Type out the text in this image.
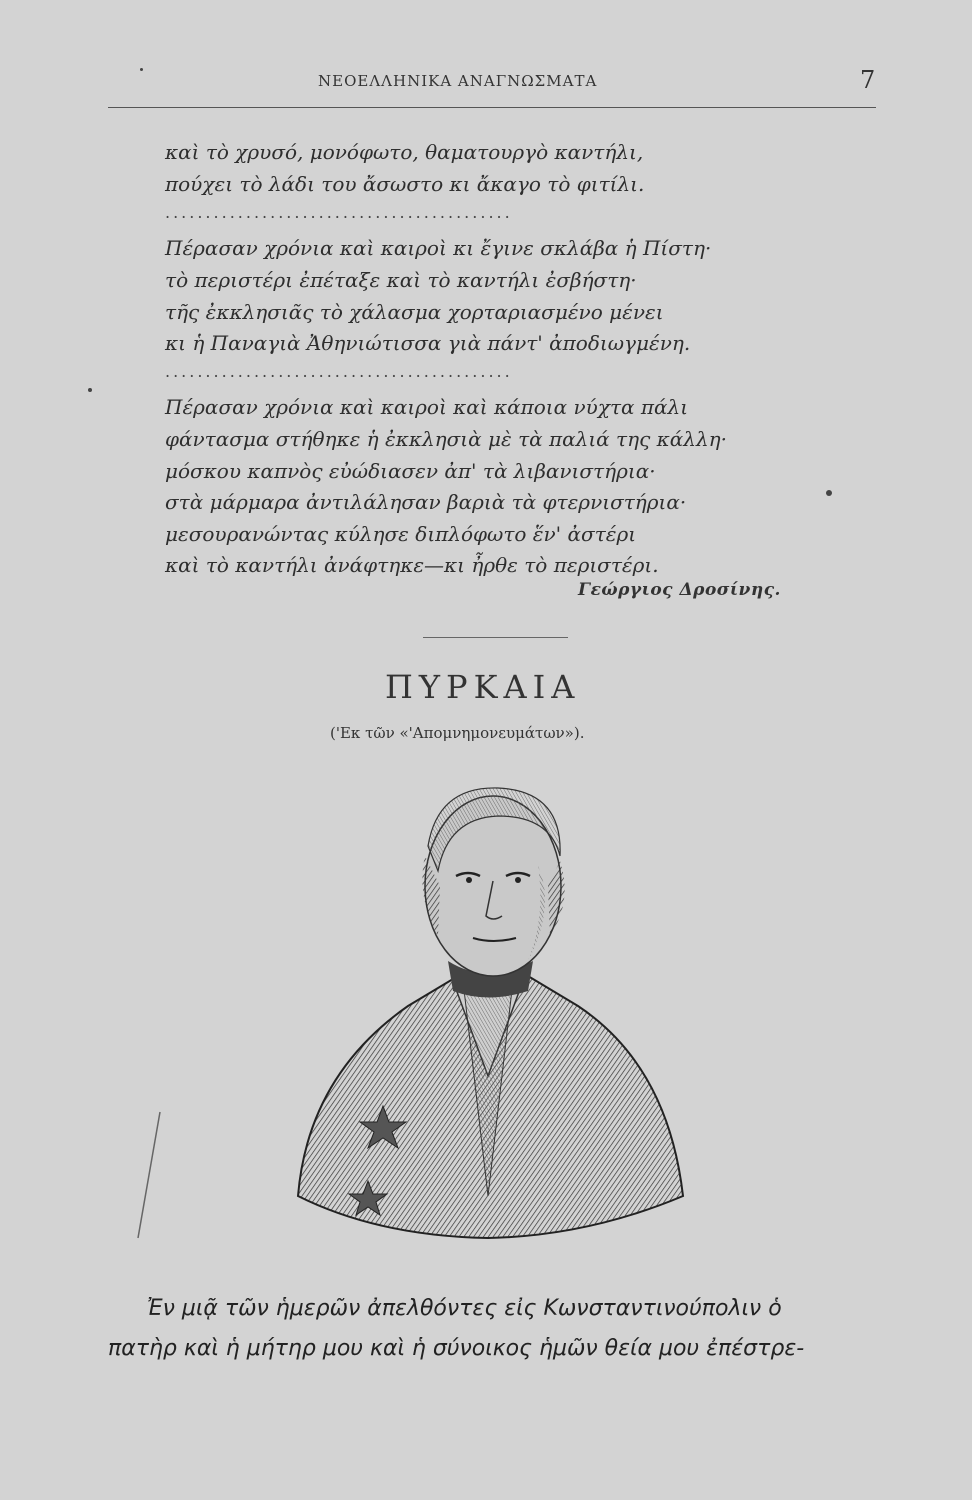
ΝΕΟΕΛΛΗΝΙΚΑ ΑΝΑΓΝΩΣΜΑΤΑ	7
καὶ τὸ χρυσό, μονόφωτο, θαματουργὸ καντήλι,
πούχει τὸ λάδι του ἄσωστο κι ἄκαγο τὸ φιτίλι.
...........................................
Πέρασαν χρόνια καὶ καιροὶ κι ἔγινε σκλάβα ἡ Πίστη·
τὸ περιστέρι ἐπέταξε καὶ τὸ καντήλι ἐσβήστη·
τῆς ἐκκλησιᾶς τὸ χάλασμα χορταριασμένο μένει
κι ἡ Παναγιὰ Ἀθηνιώτισσα γιὰ πάντ' ἀποδιωγμένη.
...........................................
Πέρασαν χρόνια καὶ καιροὶ καὶ κάποια νύχτα πάλι
φάντασμα στήθηκε ἡ ἐκκλησιὰ μὲ τὰ παλιά της κάλλη·
μόσκου καπνὸς εὐώδιασεν ἀπ' τὰ λιβανιστήρια·
στὰ μάρμαρα ἀντιλάλησαν βαριὰ τὰ φτερνιστήρια·
μεσουρανώντας κύλησε διπλόφωτο ἕν' ἀστέρι
καὶ τὸ καντήλι ἀνάφτηκε—κι ἦρθε τὸ περιστέρι.
Γεώργιος Δροσίνης.
ΠΥΡΚΑΙΑ
('Εκ τῶν «'Απομνημονευμάτων»).
Ἐν μιᾷ τῶν ἡμερῶν ἀπελθόντες εἰς Κωνσταντινούπολιν ὁ
πατὴρ καὶ ἡ μήτηρ μου καὶ ἡ σύνοικος ἡμῶν θεία μου ἐπέστρε-
